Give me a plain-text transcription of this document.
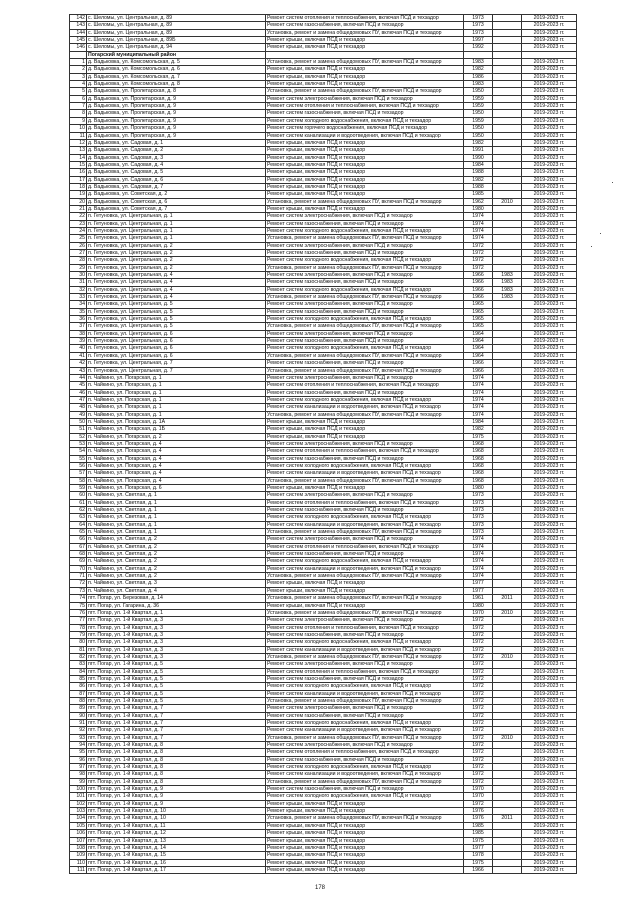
142	с. Шеломы, ул. Центральная, д. 89	Ремонт систем отопления и теплоснабжения, включая ПСД и техзадор	1973		2019-2023 гг.
143	с. Шеломы, ул. Центральная, д. 89	Ремонт систем газоснабжения, включая ПСД и техзадор	1973		2019-2023 гг.
144	с. Шеломы, ул. Центральная, д. 89	Установка, ремонт и замена общедомовых ПУ, включая ПСД и техзадор	1973		2019-2023 гг.
145	с. Шеломы, ул. Центральная, д. 89Б	Ремонт крыши, включая ПСД и техзадор	1997		2019-2023 гг.
146	с. Шеломы, ул. Центральная, д. 94	Ремонт крыши, включая ПСД и техзадор	1992		2019-2023 гг.
	Погарский муниципальный район				
1	д. Вадьковка, ул. Комсомольская, д. 5	Установка, ремонт и замена общедомовых ПУ, включая ПСД и техзадор	1983		2019-2023 гг.
2	д. Вадьковка, ул. Комсомольская, д. 6	Ремонт крыши, включая ПСД и техзадор	1982		2019-2023 гг.
3	д. Вадьковка, ул. Комсомольская, д. 7	Ремонт крыши, включая ПСД и техзадор	1986		2019-2023 гг.
4	д. Вадьковка, ул. Комсомольская, д. 8	Ремонт крыши, включая ПСД и техзадор	1983		2019-2023 гг.
5	д. Вадьковка, ул. Пролетарская, д. 8	Установка, ремонт и замена общедомовых ПУ, включая ПСД и техзадор	1950		2019-2023 гг.
6	д. Вадьковка, ул. Пролетарская, д. 9	Ремонт систем электроснабжения, включая ПСД и техзадор	1959		2019-2023 гг.
7	д. Вадьковка, ул. Пролетарская, д. 9	Ремонт систем отопления и теплоснабжения, включая ПСД и техзадор	1959		2019-2023 гг.
8	д. Вадьковка, ул. Пролетарская, д. 9	Ремонт систем газоснабжения, включая ПСД и техзадор	1950		2019-2023 гг.
9	д. Вадьковка, ул. Пролетарская, д. 9	Ремонт систем холодного водоснабжения, включая ПСД и техзадор	1959		2019-2023 гг.
10	д. Вадьковка, ул. Пролетарская, д. 9	Ремонт систем горячего водоснабжения, включая ПСД и техзадор	1950		2019-2023 гг.
11	д. Вадьковка, ул. Пролетарская, д. 9	Ремонт систем канализации и водоотведения, включая ПСД и техзадор	1950		2019-2023 гг.
12	д. Вадьковка, ул. Садовая, д. 1	Ремонт крыши, включая ПСД и техзадор	1982		2019-2023 гг.
13	д. Вадьковка, ул. Садовая, д. 2	Ремонт крыши, включая ПСД и техзадор	1991		2019-2023 гг.
14	д. Вадьковка, ул. Садовая, д. 3	Ремонт крыши, включая ПСД и техзадор	1990		2019-2023 гг.
15	д. Вадьковка, ул. Садовая, д. 4	Ремонт крыши, включая ПСД и техзадор	1984		2019-2023 гг.
16	д. Вадьковка, ул. Садовая, д. 5	Ремонт крыши, включая ПСД и техзадор	1988		2019-2023 гг.
17	д. Вадьковка, ул. Садовая, д. 6	Ремонт крыши, включая ПСД и техзадор	1982		2019-2023 гг.
18	д. Вадьковка, ул. Садовая, д. 7	Ремонт крыши, включая ПСД и техзадор	1988		2019-2023 гг.
19	д. Вадьковка, ул. Советская, д. 2	Ремонт крыши, включая ПСД и техзадор	1985		2019-2023 гг.
20	д. Вадьковка, ул. Советская, д. 6	Установка, ремонт и замена общедомовых ПУ, включая ПСД и техзадор	1962	2010	2019-2023 гг.
21	д. Вадьковка, ул. Советская, д. 7	Ремонт крыши, включая ПСД и техзадор	1980		2019-2023 гг.
22	п. Гетуновка, ул. Центральная, д. 1	Ремонт систем электроснабжения, включая ПСД и техзадор	1974		2019-2023 гг.
23	п. Гетуновка, ул. Центральная, д. 1	Ремонт систем газоснабжения, включая ПСД и техзадор	1974		2019-2023 гг.
24	п. Гетуновка, ул. Центральная, д. 1	Ремонт систем холодного водоснабжения, включая ПСД и техзадор	1974		2019-2023 гг.
25	п. Гетуновка, ул. Центральная, д. 1	Установка, ремонт и замена общедомовых ПУ, включая ПСД и техзадор	1974		2019-2023 гг.
26	п. Гетуновка, ул. Центральная, д. 2	Ремонт систем электроснабжения, включая ПСД и техзадор	1972		2019-2023 гг.
27	п. Гетуновка, ул. Центральная, д. 2	Ремонт систем газоснабжения, включая ПСД и техзадор	1972		2019-2023 гг.
28	п. Гетуновка, ул. Центральная, д. 2	Ремонт систем холодного водоснабжения, включая ПСД и техзадор	1972		2019-2023 гг.
29	п. Гетуновка, ул. Центральная, д. 2	Установка, ремонт и замена общедомовых ПУ, включая ПСД и техзадор	1972		2019-2023 гг.
30	п. Гетуновка, ул. Центральная, д. 4	Ремонт систем электроснабжения, включая ПСД и техзадор	1966	1983	2019-2023 гг.
31	п. Гетуновка, ул. Центральная, д. 4	Ремонт систем газоснабжения, включая ПСД и техзадор	1966	1983	2019-2023 гг.
32	п. Гетуновка, ул. Центральная, д. 4	Ремонт систем холодного водоснабжения, включая ПСД и техзадор	1966	1983	2019-2023 гг.
33	п. Гетуновка, ул. Центральная, д. 4	Установка, ремонт и замена общедомовых ПУ, включая ПСД и техзадор	1966	1983	2019-2023 гг.
34	п. Гетуновка, ул. Центральная, д. 5	Ремонт систем электроснабжения, включая ПСД и техзадор	1965		2019-2023 гг.
35	п. Гетуновка, ул. Центральная, д. 5	Ремонт систем газоснабжения, включая ПСД и техзадор	1965		2019-2023 гг.
36	п. Гетуновка, ул. Центральная, д. 5	Ремонт систем холодного водоснабжения, включая ПСД и техзадор	1965		2019-2023 гг.
37	п. Гетуновка, ул. Центральная, д. 5	Установка, ремонт и замена общедомовых ПУ, включая ПСД и техзадор	1965		2019-2023 гг.
38	п. Гетуновка, ул. Центральная, д. 6	Ремонт систем электроснабжения, включая ПСД и техзадор	1964		2019-2023 гг.
39	п. Гетуновка, ул. Центральная, д. 6	Ремонт систем газоснабжения, включая ПСД и техзадор	1964		2019-2023 гг.
40	п. Гетуновка, ул. Центральная, д. 6	Ремонт систем холодного водоснабжения, включая ПСД и техзадор	1964		2019-2023 гг.
41	п. Гетуновка, ул. Центральная, д. 6	Установка, ремонт и замена общедомовых ПУ, включая ПСД и техзадор	1964		2019-2023 гг.
42	п. Гетуновка, ул. Центральная, д. 7	Ремонт систем газоснабжения, включая ПСД и техзадор	1966		2019-2023 гг.
43	п. Гетуновка, ул. Центральная, д. 7	Установка, ремонт и замена общедомовых ПУ, включая ПСД и техзадор	1966		2019-2023 гг.
44	п. Чайкино, ул. Погарская, д. 1	Ремонт систем электроснабжения, включая ПСД и техзадор	1974		2019-2023 гг.
45	п. Чайкино, ул. Погарская, д. 1	Ремонт систем отопления и теплоснабжения, включая ПСД и техзадор	1974		2019-2023 гг.
46	п. Чайкино, ул. Погарская, д. 1	Ремонт систем газоснабжения, включая ПСД и техзадор	1974		2019-2023 гг.
47	п. Чайкино, ул. Погарская, д. 1	Ремонт систем холодного водоснабжения, включая ПСД и техзадор	1974		2019-2023 гг.
48	п. Чайкино, ул. Погарская, д. 1	Ремонт систем канализации и водоотведения, включая ПСД и техзадор	1974		2019-2023 гг.
49	п. Чайкино, ул. Погарская, д. 1	Установка, ремонт и замена общедомовых ПУ, включая ПСД и техзадор	1974		2019-2023 гг.
50	п. Чайкино, ул. Погарская, д. 1А	Ремонт крыши, включая ПСД и техзадор	1984		2019-2023 гг.
51	п. Чайкино, ул. Погарская, д. 1Б	Ремонт крыши, включая ПСД и техзадор	1982		2019-2023 гг.
52	п. Чайкино, ул. Погарская, д. 2	Ремонт крыши, включая ПСД и техзадор	1975		2019-2023 гг.
53	п. Чайкино, ул. Погарская, д. 4	Ремонт систем электроснабжения, включая ПСД и техзадор	1968		2019-2023 гг.
54	п. Чайкино, ул. Погарская, д. 4	Ремонт систем отопления и теплоснабжения, включая ПСД и техзадор	1968		2019-2023 гг.
55	п. Чайкино, ул. Погарская, д. 4	Ремонт систем газоснабжения, включая ПСД и техзадор	1968		2019-2023 гг.
56	п. Чайкино, ул. Погарская, д. 4	Ремонт систем холодного водоснабжения, включая ПСД и техзадор	1968		2019-2023 гг.
57	п. Чайкино, ул. Погарская, д. 4	Ремонт систем канализации и водоотведения, включая ПСД и техзадор	1968		2019-2023 гг.
58	п. Чайкино, ул. Погарская, д. 4	Установка, ремонт и замена общедомовых ПУ, включая ПСД и техзадор	1968		2019-2023 гг.
59	п. Чайкино, ул. Погарская, д. 6	Ремонт крыши, включая ПСД и техзадор	1980		2019-2023 гг.
60	п. Чайкино, ул. Светлая, д. 1	Ремонт систем электроснабжения, включая ПСД и техзадор	1973		2019-2023 гг.
61	п. Чайкино, ул. Светлая, д. 1	Ремонт систем отопления и теплоснабжения, включая ПСД и техзадор	1973		2019-2023 гг.
62	п. Чайкино, ул. Светлая, д. 1	Ремонт систем газоснабжения, включая ПСД и техзадор	1973		2019-2023 гг.
63	п. Чайкино, ул. Светлая, д. 1	Ремонт систем холодного водоснабжения, включая ПСД и техзадор	1973		2019-2023 гг.
64	п. Чайкино, ул. Светлая, д. 1	Ремонт систем канализации и водоотведения, включая ПСД и техзадор	1973		2019-2023 гг.
65	п. Чайкино, ул. Светлая, д. 1	Установка, ремонт и замена общедомовых ПУ, включая ПСД и техзадор	1973		2019-2023 гг.
66	п. Чайкино, ул. Светлая, д. 2	Ремонт систем электроснабжения, включая ПСД и техзадор	1974		2019-2023 гг.
67	п. Чайкино, ул. Светлая, д. 2	Ремонт систем отопления и теплоснабжения, включая ПСД и техзадор	1974		2019-2023 гг.
68	п. Чайкино, ул. Светлая, д. 2	Ремонт систем газоснабжения, включая ПСД и техзадор	1974		2019-2023 гг.
69	п. Чайкино, ул. Светлая, д. 2	Ремонт систем холодного водоснабжения, включая ПСД и техзадор	1974		2019-2023 гг.
70	п. Чайкино, ул. Светлая, д. 2	Ремонт систем канализации и водоотведения, включая ПСД и техзадор	1974		2019-2023 гг.
71	п. Чайкино, ул. Светлая, д. 2	Установка, ремонт и замена общедомовых ПУ, включая ПСД и техзадор	1974		2019-2023 гг.
72	п. Чайкино, ул. Светлая, д. 3	Ремонт крыши, включая ПСД и техзадор	1977		2019-2023 гг.
73	п. Чайкино, ул. Светлая, д. 4	Ремонт крыши, включая ПСД и техзадор	1977		2019-2023 гг.
74	пгт. Погар, ул. Березовая, д. 14	Установка, ремонт и замена общедомовых ПУ, включая ПСД и техзадор	1961	2011	2019-2023 гг.
75	пгт. Погар, ул. Гагарина, д. 36	Ремонт крыши, включая ПСД и техзадор	1980		2019-2023 гг.
76	пгт. Погар, ул. 1-й Квартал, д. 1	Установка, ремонт и замена общедомовых ПУ, включая ПСД и техзадор	1970	2010	2019-2023 гг.
77	пгт. Погар, ул. 1-й Квартал, д. 3	Ремонт систем электроснабжения, включая ПСД и техзадор	1972		2019-2023 гг.
78	пгт. Погар, ул. 1-й Квартал, д. 3	Ремонт систем отопления и теплоснабжения, включая ПСД и техзадор	1972		2019-2023 гг.
79	пгт. Погар, ул. 1-й Квартал, д. 3	Ремонт систем газоснабжения, включая ПСД и техзадор	1972		2019-2023 гг.
80	пгт. Погар, ул. 1-й Квартал, д. 3	Ремонт систем холодного водоснабжения, включая ПСД и техзадор	1972		2019-2023 гг.
81	пгт. Погар, ул. 1-й Квартал, д. 3	Ремонт систем канализации и водоотведения, включая ПСД и техзадор	1972		2019-2023 гг.
82	пгт. Погар, ул. 1-й Квартал, д. 3	Установка, ремонт и замена общедомовых ПУ, включая ПСД и техзадор	1972	2010	2019-2023 гг.
83	пгт. Погар, ул. 1-й Квартал, д. 5	Ремонт систем электроснабжения, включая ПСД и техзадор	1972		2019-2023 гг.
84	пгт. Погар, ул. 1-й Квартал, д. 5	Ремонт систем отопления и теплоснабжения, включая ПСД и техзадор	1972		2019-2023 гг.
85	пгт. Погар, ул. 1-й Квартал, д. 5	Ремонт систем газоснабжения, включая ПСД и техзадор	1972		2019-2023 гг.
86	пгт. Погар, ул. 1-й Квартал, д. 5	Ремонт систем холодного водоснабжения, включая ПСД и техзадор	1972		2019-2023 гг.
87	пгт. Погар, ул. 1-й Квартал, д. 5	Ремонт систем канализации и водоотведения, включая ПСД и техзадор	1972		2019-2023 гг.
88	пгт. Погар, ул. 1-й Квартал, д. 5	Установка, ремонт и замена общедомовых ПУ, включая ПСД и техзадор	1972		2019-2023 гг.
89	пгт. Погар, ул. 1-й Квартал, д. 7	Ремонт систем электроснабжения, включая ПСД и техзадор	1972		2019-2023 гг.
90	пгт. Погар, ул. 1-й Квартал, д. 7	Ремонт систем газоснабжения, включая ПСД и техзадор	1972		2019-2023 гг.
91	пгт. Погар, ул. 1-й Квартал, д. 7	Ремонт систем холодного водоснабжения, включая ПСД и техзадор	1972		2019-2023 гг.
92	пгт. Погар, ул. 1-й Квартал, д. 7	Ремонт систем канализации и водоотведения, включая ПСД и техзадор	1972		2019-2023 гг.
93	пгт. Погар, ул. 1-й Квартал, д. 7	Установка, ремонт и замена общедомовых ПУ, включая ПСД и техзадор	1972	2010	2019-2023 гг.
94	пгт. Погар, ул. 1-й Квартал, д. 8	Ремонт систем электроснабжения, включая ПСД и техзадор	1972		2019-2023 гг.
95	пгт. Погар, ул. 1-й Квартал, д. 8	Ремонт систем отопления и теплоснабжения, включая ПСД и техзадор	1972		2019-2023 гг.
96	пгт. Погар, ул. 1-й Квартал, д. 8	Ремонт систем газоснабжения, включая ПСД и техзадор	1972		2019-2023 гг.
97	пгт. Погар, ул. 1-й Квартал, д. 8	Ремонт систем холодного водоснабжения, включая ПСД и техзадор	1972		2019-2023 гг.
98	пгт. Погар, ул. 1-й Квартал, д. 8	Ремонт систем канализации и водоотведения, включая ПСД и техзадор	1972		2019-2023 гг.
99	пгт. Погар, ул. 1-й Квартал, д. 8	Установка, ремонт и замена общедомовых ПУ, включая ПСД и техзадор	1972		2019-2023 гг.
100	пгт. Погар, ул. 1-й Квартал, д. 9	Ремонт систем газоснабжения, включая ПСД и техзадор	1970		2019-2023 гг.
101	пгт. Погар, ул. 1-й Квартал, д. 9	Ремонт систем холодного водоснабжения, включая ПСД и техзадор	1970		2019-2023 гг.
102	пгт. Погар, ул. 1-й Квартал, д. 9	Ремонт крыши, включая ПСД и техзадор	1972		2019-2023 гг.
103	пгт. Погар, ул. 1-й Квартал, д. 10	Ремонт крыши, включая ПСД и техзадор	1976		2019-2023 гг.
104	пгт. Погар, ул. 1-й Квартал, д. 10	Установка, ремонт и замена общедомовых ПУ, включая ПСД и техзадор	1976	2011	2019-2023 гг.
105	пгт. Погар, ул. 1-й Квартал, д. 11	Ремонт крыши, включая ПСД и техзадор	1985		2019-2023 гг.
106	пгт. Погар, ул. 1-й Квартал, д. 12	Ремонт крыши, включая ПСД и техзадор	1985		2019-2023 гг.
107	пгт. Погар, ул. 1-й Квартал, д. 13	Ремонт крыши, включая ПСД и техзадор	1975		2019-2023 гг.
108	пгт. Погар, ул. 1-й Квартал, д. 14	Ремонт крыши, включая ПСД и техзадор	1977		2019-2023 гг.
109	пгт. Погар, ул. 1-й Квартал, д. 15	Ремонт крыши, включая ПСД и техзадор	1978		2019-2023 гг.
110	пгт. Погар, ул. 1-й Квартал, д. 16	Ремонт крыши, включая ПСД и техзадор	1975		2019-2023 гг.
111	пгт. Погар, ул. 1-й Квартал, д. 17	Ремонт крыши, включая ПСД и техзадор	1966		2019-2023 гг.
178
